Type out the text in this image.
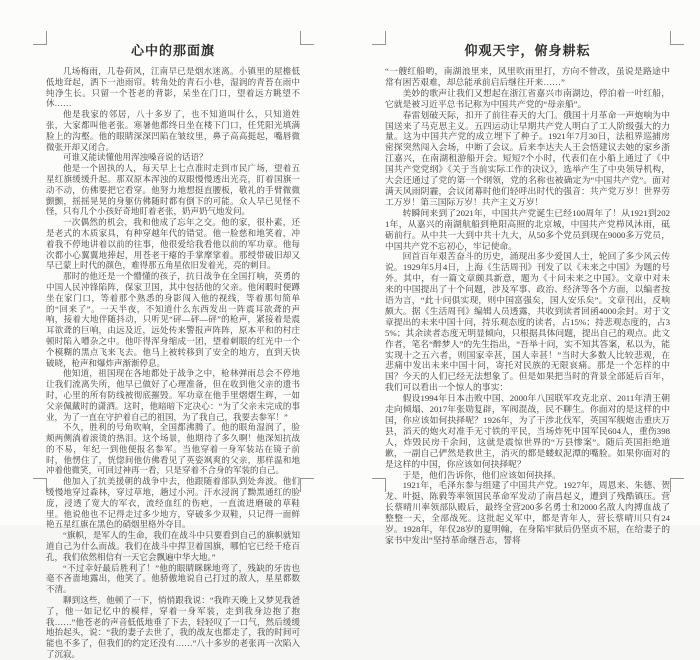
心中的那面旗

几场梅雨，几卷荷风，江南早已是烟水迷离。小镇里的屋檐低低地耷起，洒下一池雨帘。转角处的青石小巷，湿润的青苔在雨中纯净生长。只留一个苍老的背影，呆坐在门口，望着远方眺望不休……

他是我家的邻居，八十多岁了，也不知道叫什么，只知道姓张，大家都叫他老张。寒暑他都终日坐在楼下门口，任凭阳光填满脸上的沟壑。他的眼睛深深凹陷在皱纹里，鼻子高高挺起，嘴唇微微张开却又闭合。

可谁又能读懂他用浑浊嗓音说的话语？

他是一个固执的人，每天早上七点准时走到市民广场，望着五星红旗缓缓升起。那双原本浑浊的双眼慢慢透出光亮，盯着国旗一动不动，仿佛要把它看穿。他努力地想挺直腰板，敬礼的手臂微微颤颤，摇摇晃晃的身躯仿佛随时都有倒下的可能。众人早已见怪不怪，只有几个小孩好奇地盯着老张，奶声奶气地发问。

一次偶然的机会，我和他成了忘年之交。他的家，很朴素，还是老式的木质家具，有种穿越年代的错觉。他一脸慈和地笑着，冲着我不停地讲着以前的往事，他很爱给我看他以前的军功章。他每次都小心翼翼地捧起，用苍老干瘪的手掌摩挲着。那绶带破旧却又早已蒙上时代的颜色，难得那五角星依旧发着光，亮的刺目。

那时的他还是一个懵懂的孩子，抗日战争在全国打响，英勇的中国人民冲锋陷阵，保家卫国，其中包括他的父亲。他闲暇时便蹲坐在家门口，等着那个熟悉的身影闯入他的视线，等着那句简单的“回来了”。一天半夜，不知道什么东西发出一阵震耳欲聋的声响，接着大地伴随抖动，只听见“砰—砰—砰”的枪声，紧接着是震耳欲聋的巨响，由远及近，远处传来警报声阵阵，原本平和的村庄顿时陷入嘈杂之中。他吓得浑身缩成一团，望着刺眼的红光中一个个模糊的黑点飞来飞去。他马上被转移到了安全的地方，直到天快破晓，枪声和爆炸声渐渐停息。

他知道，祖国现在各地都处于战争之中，枪林弹雨总会不停地让我们流离失所，他早已做好了心理准备，但在收到他父亲的遗书时，心里的所有防线被彻底摧毁。军功章在他手里熠熠生辉，一如父亲佩戴时的潇洒。这时，他暗暗下定决心：“为了父亲未完成的事业，为了一直在守护着自己的祖国，为了我自己，我要去参军！”

不久，胜利的号角吹响，全国都沸腾了。他的眼角湿润了，脸颊两侧淌着滚烫的热泪。这个场景，他期待了多久啊！他深知抗战的不易，年纪一到他便报名参军。当他穿着一身军装站在镜子前时，他愣住了，恍惚间他仿佛看见了英姿飒爽的父亲，那样温和地冲着他微笑，可回过神再一看，只是穿着不合身的军装的自己。

他加入了抗美援朝的战争中去，他跟随着部队到处奔波。他们缓慢地穿过森林，穿过草地，趟过小河。汗水浸润了黝黑通红的脸庞，浸透了宽大的军衣，流经血红的伤疤，一直流进磨破的草鞋里。他说他也不记得走过多少地方，穿破多少双鞋，只记得一面鲜艳五星红旗在黑色的硝烟里格外夺目。

“旗帜，是军人的生命，我们在战斗中只要看到自己的旗帜就知道自己为什么而战。我们在战斗中捍卫着国旗，哪怕它已经千疮百孔，我们依然相信有一天它会飘遍中华大地。”

“不过幸好最后胜利了！”他的眼睛眯眯地弯了，残缺的牙齿也毫不吝啬地露出，他笑了。他骄傲地说自己打过的敌人，星星都数不清。

聊到这些，他顿了一下，悄悄跟我说：“我昨天晚上又梦见我爸了，他一如记忆中的模样，穿着一身军装，走到我身边抱了抱我……”他苍老的声音低低地垂了下去，轻轻叹了一口气，然后缓缓地抬起头，说：“我的妻子去世了，我的战友也都走了，我的时间可能也不多了，但我们的约定还没有……”八十多岁的老张再一次陷入了沉寂。

仰观天宇，俯身耕耘

“一艘红船哟，南湖浪里来，风里吹雨里打，方向不曾改，虽说是路途中常有困苦艰难，却总能承前启后继往开来……”

美妙的歌声让我们又想起在浙江省嘉兴市南湖边，停泊着一叶红船，它就是被习近平总书记称为中国共产党的“母亲船”。

春雷划破天际，扣开了前往春天的大门。俄国十月革命一声炮响为中国送来了马克思主义。五四运动让早期共产党人明白了工人阶级强大的力量。这为中国共产党的成立埋下了种子。1921年7月30日，法租界巡捕房密探突然闯入会场，中断了会议。后来李达夫人王会悟建议去她的家乡浙江嘉兴，在南湖租游船开会。短短7个小时，代表们在小船上通过了《中国共产党党纲》《关于当前实际工作的决议》，选举产生了中央领导机构，大会还通过了党的第一个纲领，党的名称也被确定为“中国共产党”。面对满天风雨阴霾，会议闭幕时他们轻呼出时代的强音：共产党万岁！世界劳工万岁！第三国际万岁！共产主义万岁！

转瞬间来到了2021年，中国共产党诞生已经100周年了！从1921到2021年，从嘉兴的南湖航船到艳阳高照的北京城，中国共产党栉风沐雨，砥砺前行。从中共一大到中共十九大，从50多个党员到现在9000多万党员，中国共产党不忘初心，牢记使命。

回首百年艰苦奋斗的历史，涌现出多少爱国人士，轮回了多少风云传说。1929年5月4日，上海《生活周刊》刊发了以《未来之中国》为题的号外。其中，有一篇文章颇具新意，题为《十问未来之中国》。文章中对未来的中国提出了十个问题，涉及军事、政治、经济等各个方面，以编者按语为言，“此十问俱实现，则中国富强矣，国人安乐矣”。文章刊出，反响颇大。据《生活周刊》编辑人员透露，共收到读者回函4000余封。对于文章提出的未来中国十问，持乐观态度的读者，占15%；持悲观态度的，占35%；其余读者态度无明显倾向，只根据具体问题，提出自己的观点。此文作者，笔名“醉梦人”的先生指出，“吾举十问，实不知其答案，私以为，能实现十之五六者，则国家幸甚，国人幸甚！”当时大多数人比较悲观，在悲痛中发出未来中国十问，寄托对民族的无限哀痛。那是一个怎样的中国？今天的人们已经无法想象了。但是如果把当时的背景全部延后百年，我们可以看出一个惊人的事实：

假设1994年日本击败中国、2000年八国联军攻克北京、2011年清王朝走向倾塌、2017年张勋复辟，军阀混战，民不聊生。你面对的是这样的中国，你应该如何抉择呢？1926年，为了干涉北伐军，英国军舰炮击重庆万县，滔天的炮火对准手无寸铁的平民，当场炸死中国军民604人，重伤398人，炸毁民房千余间，这就是震惊世界的“万县惨案”。随后英国拒绝道歉，一副自己俨然是救世主，消灭的都是蝼蚁泥潭的嘴脸。如果你面对的是这样的中国，你应该如何抉择呢？

于是，他们告诉你，他们应该如何抉择。

1921年，毛泽东参与组建了中国共产党。1927年，周恩来、朱德、贺龙、叶挺、陈毅等率领国民革命军发动了南昌起义，遭到了残酷镇压。营长蔡晴川率领部队殿后，最终全营200多名勇士和2000名敌人肉搏血战了整整一天，全部战死。这批起义军中，都是青年人，营长蔡晴川只有24岁。1928年，年仅28岁的夏明翰，在身陷牢狱后仍坚贞不屈，在给妻子的家书中发出“坚持革命继吾志，誓将
